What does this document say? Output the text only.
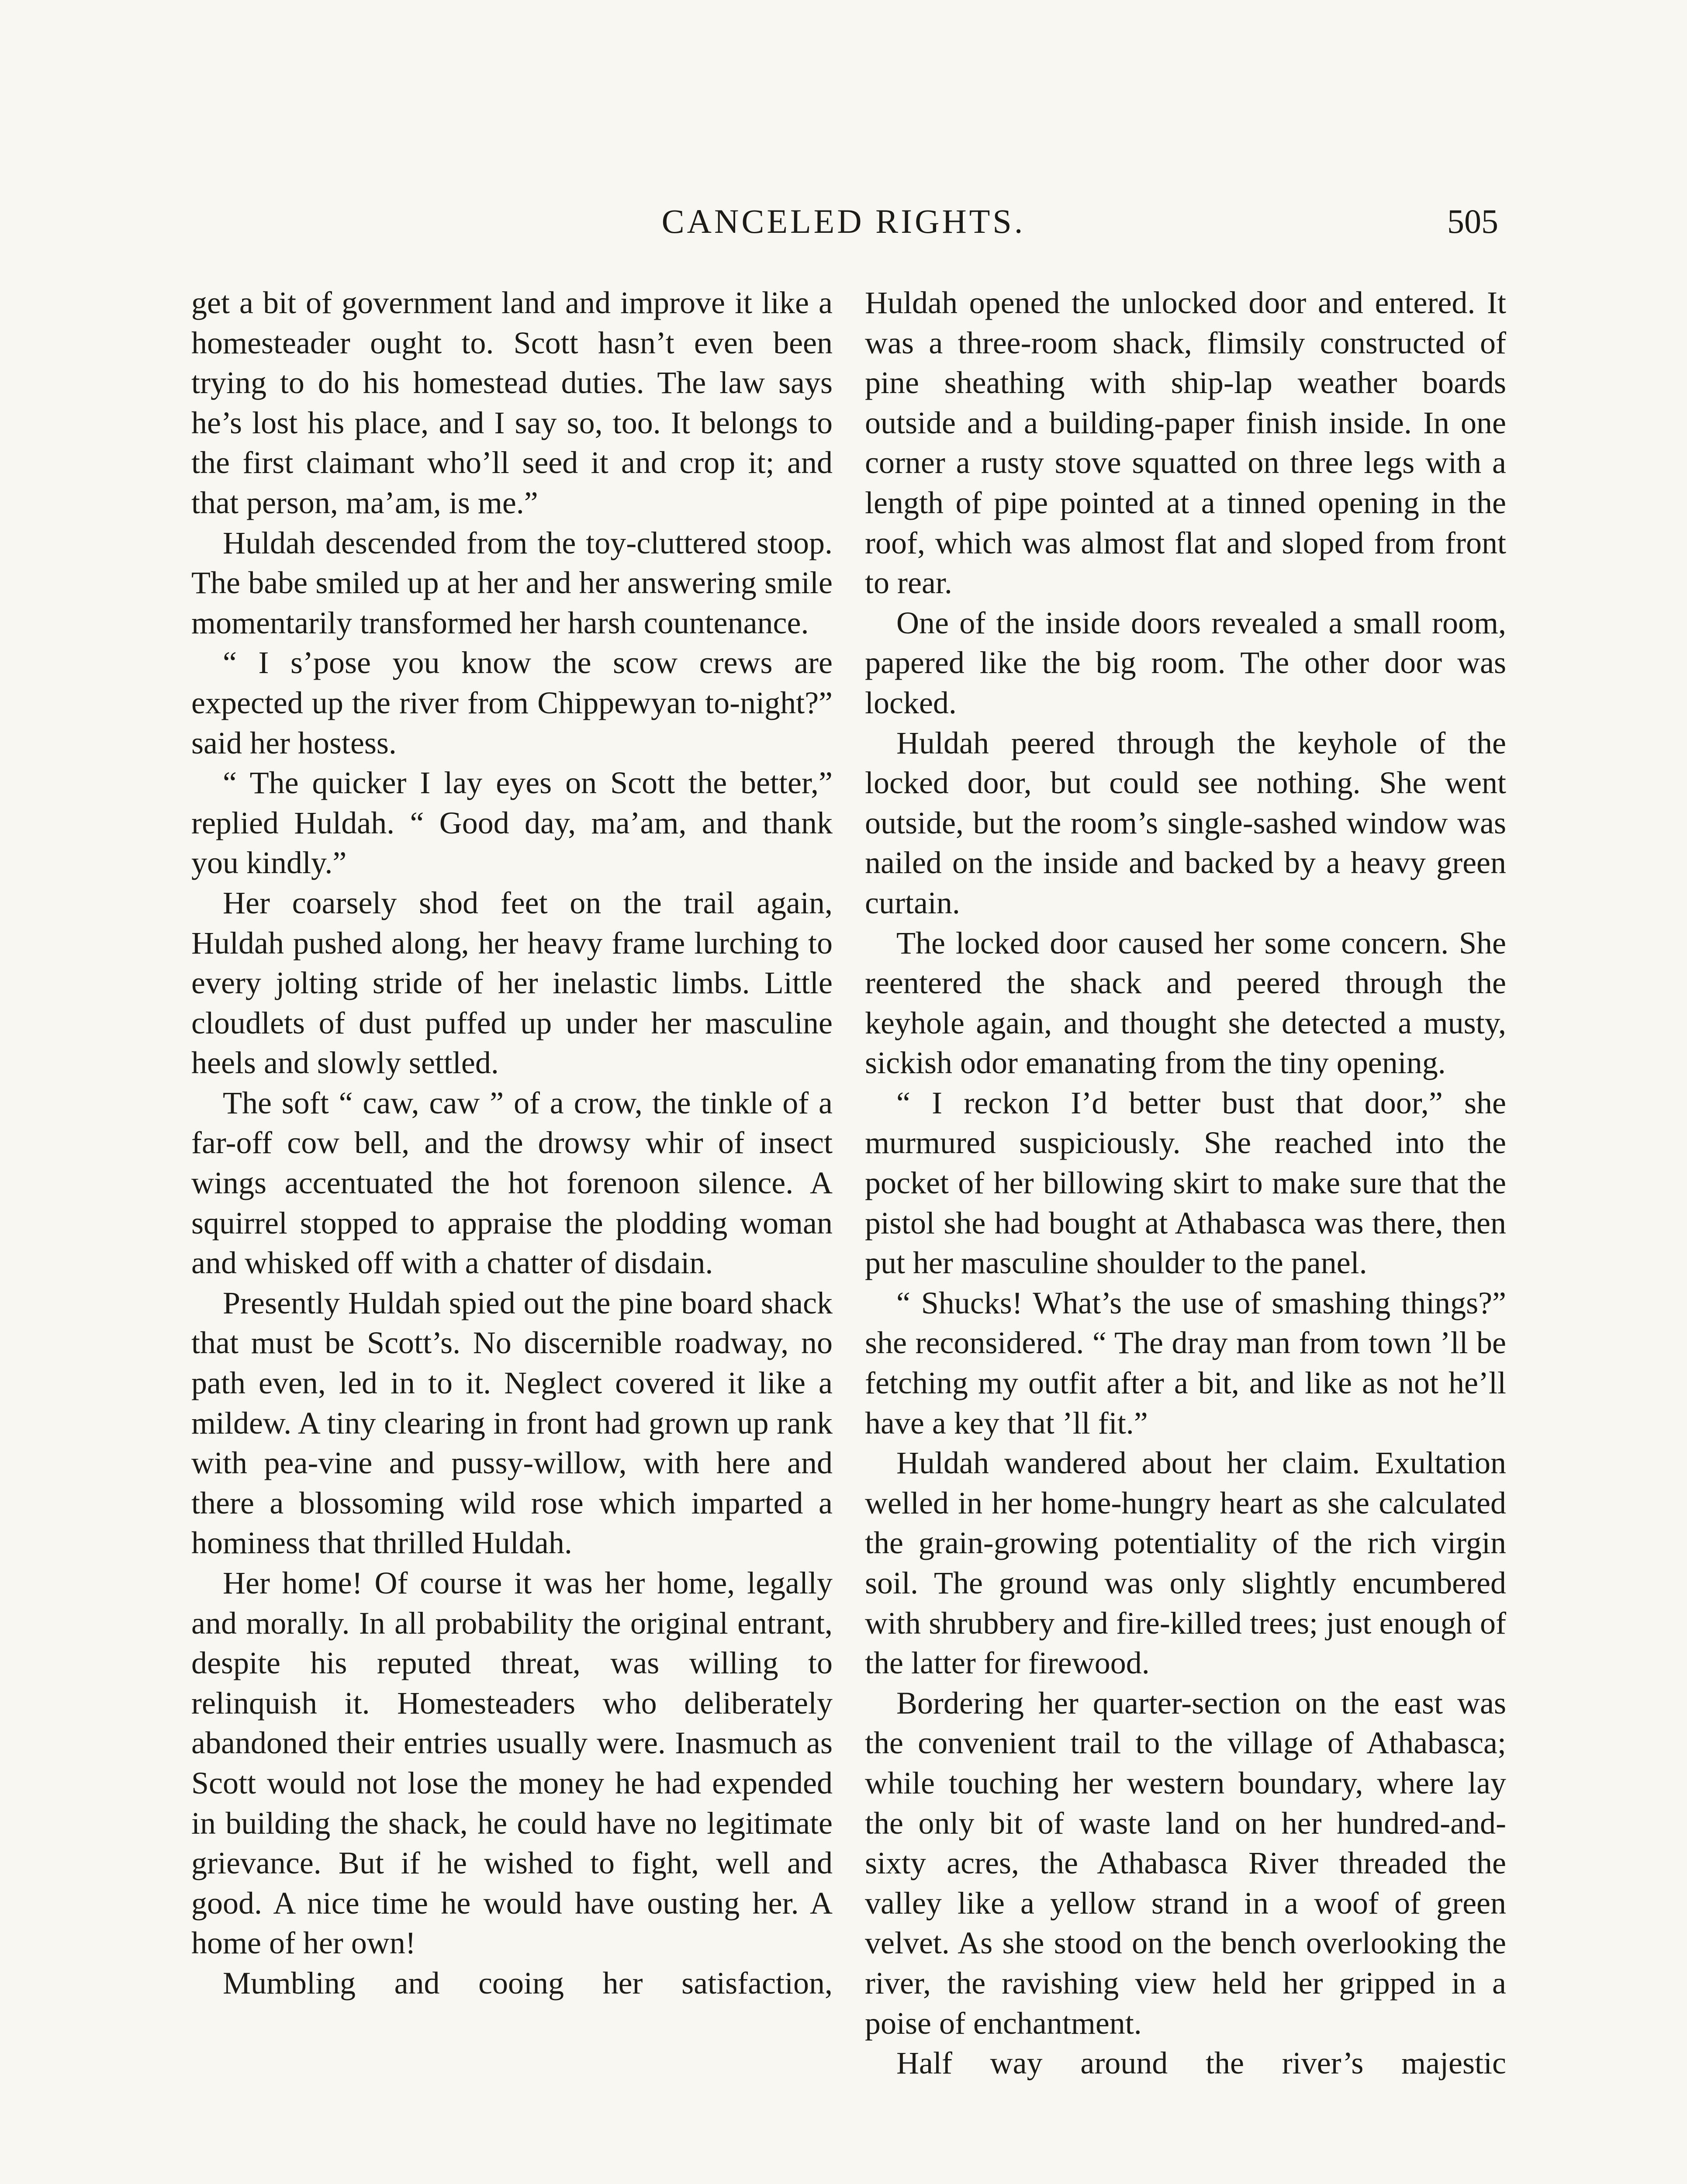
CANCELED RIGHTS.	505

get a bit of government land and improve it like a homesteader ought to. Scott hasn’t even been trying to do his homestead duties. The law says he’s lost his place, and I say so, too. It belongs to the first claimant who’ll seed it and crop it; and that person, ma’am, is me.”

Huldah descended from the toy-cluttered stoop. The babe smiled up at her and her answering smile momentarily transformed her harsh countenance.

“ I s’pose you know the scow crews are expected up the river from Chippewyan to-night?” said her hostess.

“ The quicker I lay eyes on Scott the better,” replied Huldah. “ Good day, ma’am, and thank you kindly.”

Her coarsely shod feet on the trail again, Huldah pushed along, her heavy frame lurching to every jolting stride of her inelastic limbs. Little cloudlets of dust puffed up under her masculine heels and slowly settled.

The soft “ caw, caw ” of a crow, the tinkle of a far-off cow bell, and the drowsy whir of insect wings accentuated the hot forenoon silence. A squirrel stopped to appraise the plodding woman and whisked off with a chatter of disdain.

Presently Huldah spied out the pine board shack that must be Scott’s. No discernible roadway, no path even, led in to it. Neglect covered it like a mildew. A tiny clearing in front had grown up rank with pea-vine and pussy-willow, with here and there a blossoming wild rose which imparted a hominess that thrilled Huldah.

Her home! Of course it was her home, legally and morally. In all probability the original entrant, despite his reputed threat, was willing to relinquish it. Homesteaders who deliberately abandoned their entries usually were. Inasmuch as Scott would not lose the money he had expended in building the shack, he could have no legitimate grievance. But if he wished to fight, well and good. A nice time he would have ousting her. A home of her own!

Mumbling and cooing her satisfaction,

Huldah opened the unlocked door and entered. It was a three-room shack, flimsily constructed of pine sheathing with ship-lap weather boards outside and a building-paper finish inside. In one corner a rusty stove squatted on three legs with a length of pipe pointed at a tinned opening in the roof, which was almost flat and sloped from front to rear.

One of the inside doors revealed a small room, papered like the big room. The other door was locked.

Huldah peered through the keyhole of the locked door, but could see nothing. She went outside, but the room’s single-sashed window was nailed on the inside and backed by a heavy green curtain.

The locked door caused her some concern. She reentered the shack and peered through the keyhole again, and thought she detected a musty, sickish odor emanating from the tiny opening.

“ I reckon I’d better bust that door,” she murmured suspiciously. She reached into the pocket of her billowing skirt to make sure that the pistol she had bought at Athabasca was there, then put her masculine shoulder to the panel.

“ Shucks! What’s the use of smashing things?” she reconsidered. “ The dray man from town ’ll be fetching my outfit after a bit, and like as not he’ll have a key that ’ll fit.”

Huldah wandered about her claim. Exultation welled in her home-hungry heart as she calculated the grain-growing potentiality of the rich virgin soil. The ground was only slightly encumbered with shrubbery and fire-killed trees; just enough of the latter for firewood.

Bordering her quarter-section on the east was the convenient trail to the village of Athabasca; while touching her western boundary, where lay the only bit of waste land on her hundred-and-sixty acres, the Athabasca River threaded the valley like a yellow strand in a woof of green velvet. As she stood on the bench overlooking the river, the ravishing view held her gripped in a poise of enchantment.

Half way around the river’s majestic
